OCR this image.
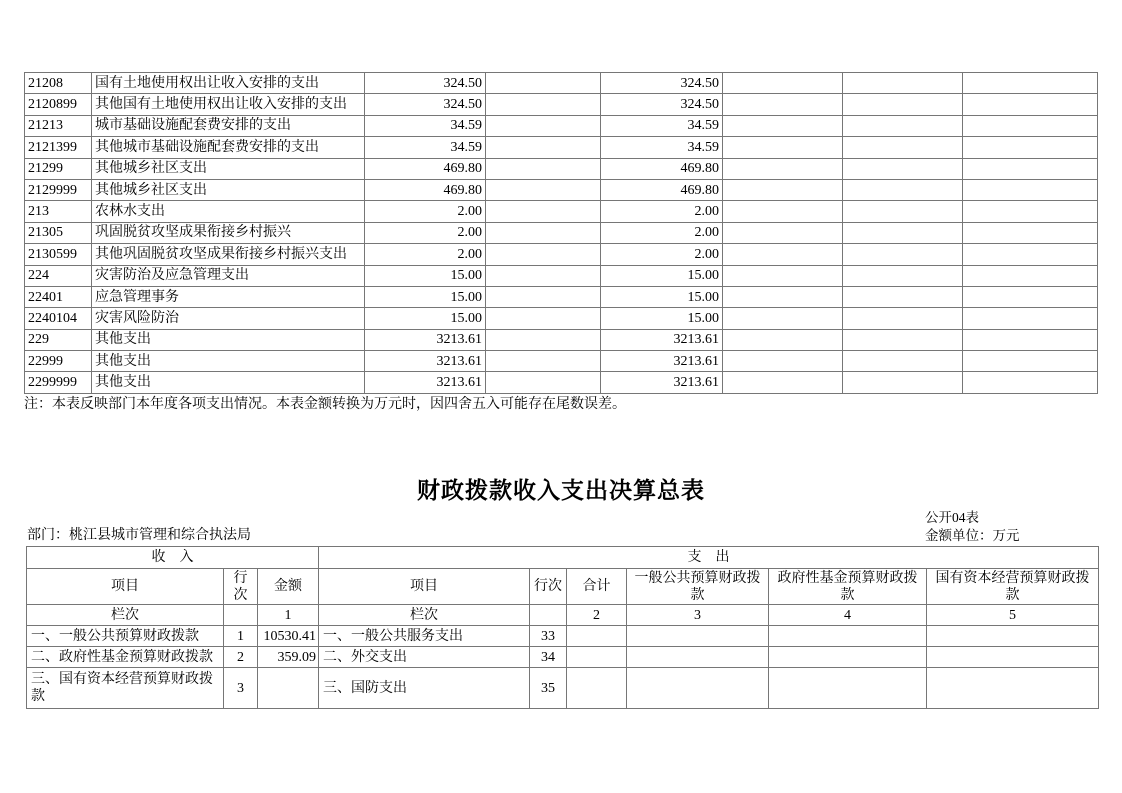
21208	国有土地使用权出让收入安排的支出	324.50		324.50			
2120899	其他国有土地使用权出让收入安排的支出	324.50		324.50			
21213	城市基础设施配套费安排的支出	34.59		34.59			
2121399	其他城市基础设施配套费安排的支出	34.59		34.59			
21299	其他城乡社区支出	469.80		469.80			
2129999	其他城乡社区支出	469.80		469.80			
213	农林水支出	2.00		2.00			
21305	巩固脱贫攻坚成果衔接乡村振兴	2.00		2.00			
2130599	其他巩固脱贫攻坚成果衔接乡村振兴支出	2.00		2.00			
224	灾害防治及应急管理支出	15.00		15.00			
22401	应急管理事务	15.00		15.00			
2240104	灾害风险防治	15.00		15.00			
229	其他支出	3213.61		3213.61			
22999	其他支出	3213.61		3213.61			
2299999	其他支出	3213.61		3213.61			
注：本表反映部门本年度各项支出情况。本表金额转换为万元时，因四舍五入可能存在尾数误差。
财政拨款收入支出决算总表
公开04表
部门：桃江县城市管理和综合执法局	金额单位：万元
收　入			支　出					
项目	行次	金额	项目	行次	合计	一般公共预算财政拨款	政府性基金预算财政拨款	国有资本经营预算财政拨款
栏次		1	栏次		2	3	4	5
一、一般公共预算财政拨款	1	10530.41	一、一般公共服务支出	33				
二、政府性基金预算财政拨款	2	359.09	二、外交支出	34				
三、国有资本经营预算财政拨款	3		三、国防支出	35				
